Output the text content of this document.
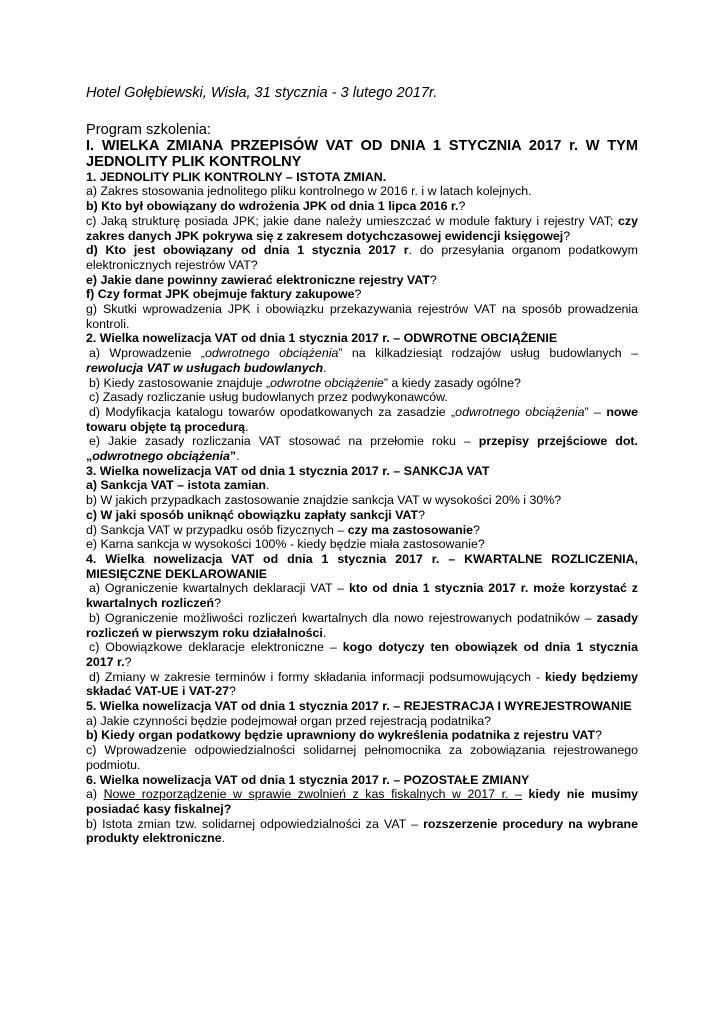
Hotel Gołębiewski, Wisła, 31 stycznia - 3 lutego 2017r.

Program szkolenia:

I. WIELKA ZMIANA PRZEPISÓW VAT OD DNIA 1 STYCZNIA 2017 r. W TYM JEDNOLITY PLIK KONTROLNY

1. JEDNOLITY PLIK KONTROLNY – ISTOTA ZMIAN.

a) Zakres stosowania jednolitego pliku kontrolnego w 2016 r. i w latach kolejnych.

b) Kto był obowiązany do wdrożenia JPK od dnia 1 lipca 2016 r.?

c) Jaką strukturę posiada JPK; jakie dane należy umieszczać w module faktury i rejestry VAT; czy zakres danych JPK pokrywa się z zakresem dotychczasowej ewidencji księgowej?

d) Kto jest obowiązany od dnia 1 stycznia 2017 r. do przesyłania organom podatkowym elektronicznych rejestrów VAT?

e) Jakie dane powinny zawierać elektroniczne rejestry VAT?

f) Czy format JPK obejmuje faktury zakupowe?

g) Skutki wprowadzenia JPK i obowiązku przekazywania rejestrów VAT na sposób prowadzenia kontroli.

2. Wielka nowelizacja VAT od dnia 1 stycznia 2017 r. – ODWROTNE OBCIĄŻENIE

a) Wprowadzenie „odwrotnego obciążenia” na kilkadziesiąt rodzajów usług budowlanych – rewolucja VAT w usługach budowlanych.

b) Kiedy zastosowanie znajduje „odwrotne obciążenie” a kiedy zasady ogólne?

c) Zasady rozliczanie usług budowlanych przez podwykonawców.

d) Modyfikacja katalogu towarów opodatkowanych za zasadzie „odwrotnego obciążenia” – nowe towaru objęte tą procedurą.

e) Jakie zasady rozliczania VAT stosować na przełomie roku – przepisy przejściowe dot. „odwrotnego obciążenia”.

3. Wielka nowelizacja VAT od dnia 1 stycznia 2017 r. – SANKCJA VAT

a) Sankcja VAT – istota zamian.

b) W jakich przypadkach zastosowanie znajdzie sankcja VAT w wysokości 20% i 30%?

c) W jaki sposób uniknąć obowiązku zapłaty sankcji VAT?

d) Sankcja VAT w przypadku osób fizycznych – czy ma zastosowanie?

e) Karna sankcja w wysokości 100% - kiedy będzie miała zastosowanie?

4. Wielka nowelizacja VAT od dnia 1 stycznia 2017 r. – KWARTALNE ROZLICZENIA, MIESIĘCZNE DEKLAROWANIE

a) Ograniczenie kwartalnych deklaracji VAT – kto od dnia 1 stycznia 2017 r. może korzystać z kwartalnych rozliczeń?

b) Ograniczenie możliwości rozliczeń kwartalnych dla nowo rejestrowanych podatników – zasady rozliczeń w pierwszym roku działalności.

c) Obowiązkowe deklaracje elektroniczne – kogo dotyczy ten obowiązek od dnia 1 stycznia 2017 r.?

d) Zmiany w zakresie terminów i formy składania informacji podsumowujących - kiedy będziemy składać VAT-UE i VAT-27?

5. Wielka nowelizacja VAT od dnia 1 stycznia 2017 r. – REJESTRACJA I WYREJESTROWANIE

a) Jakie czynności będzie podejmował organ przed rejestracją podatnika?

b) Kiedy organ podatkowy będzie uprawniony do wykreślenia podatnika z rejestru VAT?

c) Wprowadzenie odpowiedzialności solidarnej pełnomocnika za zobowiązania rejestrowanego podmiotu.

6. Wielka nowelizacja VAT od dnia 1 stycznia 2017 r. – POZOSTAŁE ZMIANY

a) Nowe rozporządzenie w sprawie zwolnień z kas fiskalnych w 2017 r. – kiedy nie musimy posiadać kasy fiskalnej?

b) Istota zmian tzw. solidarnej odpowiedzialności za VAT – rozszerzenie procedury na wybrane produkty elektroniczne.
